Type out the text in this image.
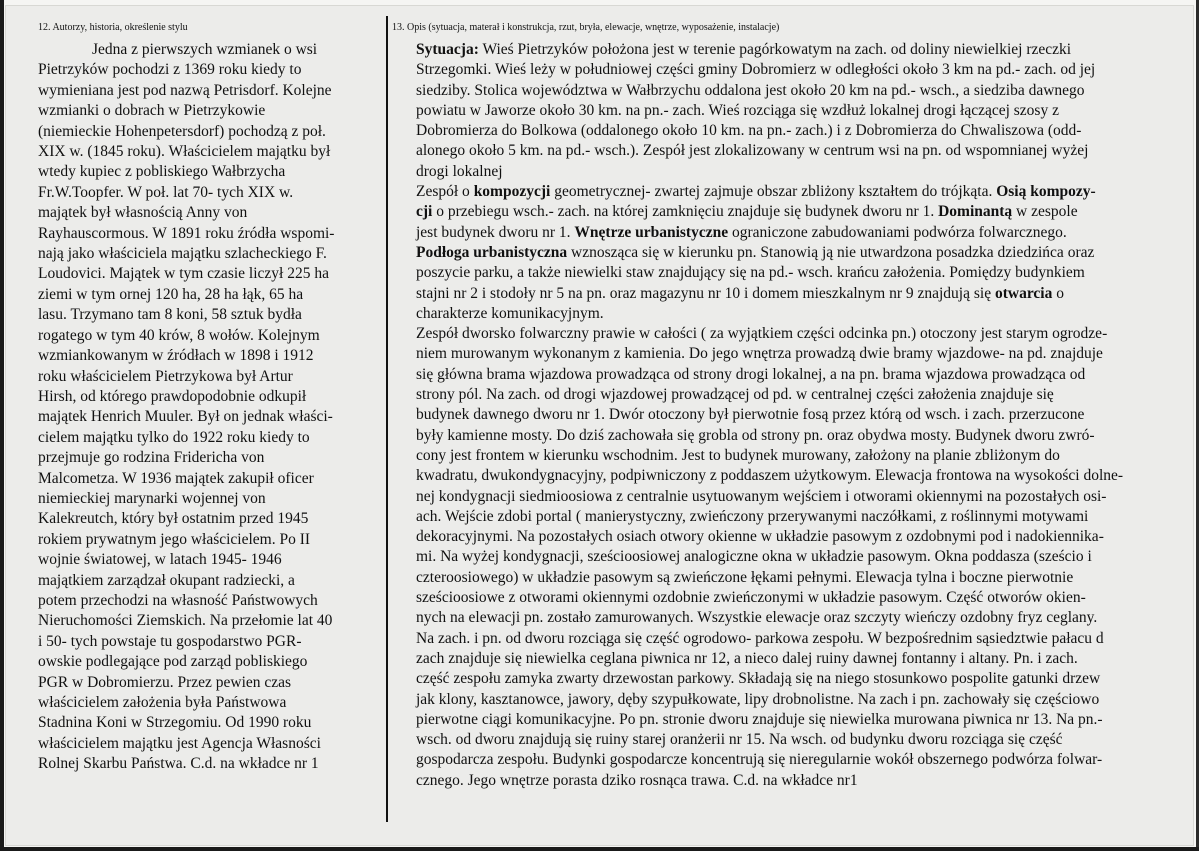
12. Autorzy, historia, określenie stylu

Jedna z pierwszych wzmianek o wsi

Pietrzyków pochodzi z 1369 roku kiedy to

wymieniana jest pod nazwą Petrisdorf. Kolejne

wzmianki o dobrach w Pietrzykowie

(niemieckie Hohenpetersdorf) pochodzą z poł.

XIX w. (1845 roku). Właścicielem majątku był

wtedy kupiec z pobliskiego Wałbrzycha

Fr.W.Toopfer. W poł. lat 70- tych XIX w.

majątek był własnością Anny von

Rayhauscormous. W 1891 roku źródła wspomi-

nają jako właściciela majątku szlacheckiego F.

Loudovici. Majątek w tym czasie liczył 225 ha

ziemi w tym ornej 120 ha, 28 ha łąk, 65 ha

lasu. Trzymano tam 8 koni, 58 sztuk bydła

rogatego w tym 40 krów, 8 wołów. Kolejnym

wzmiankowanym w źródłach w 1898 i 1912

roku właścicielem Pietrzykowa był Artur

Hirsh, od którego prawdopodobnie odkupił

majątek Henrich Muuler. Był on jednak właści-

cielem majątku tylko do 1922 roku kiedy to

przejmuje go rodzina Fridericha von

Malcometza. W 1936 majątek zakupił oficer

niemieckiej marynarki wojennej von

Kalekreutch, który był ostatnim przed 1945

rokiem prywatnym jego właścicielem. Po II

wojnie światowej, w latach 1945- 1946

majątkiem zarządzał okupant radziecki, a

potem przechodzi na własność Państwowych

Nieruchomości Ziemskich. Na przełomie lat 40

i 50- tych powstaje tu gospodarstwo PGR-

owskie podlegające pod zarząd pobliskiego

PGR w Dobromierzu. Przez pewien czas

właścicielem założenia była Państwowa

Stadnina Koni w Strzegomiu. Od 1990 roku

właścicielem majątku jest Agencja Własności

Rolnej Skarbu Państwa. C.d. na wkładce nr 1

13. Opis (sytuacja, materał i konstrukcja, rzut, bryła, elewacje, wnętrze, wyposażenie, instalacje)

Sytuacja: Wieś Pietrzyków położona jest w terenie pagórkowatym na zach. od doliny niewielkiej rzeczki

Strzegomki. Wieś leży w południowej części gminy Dobromierz w odległości około 3 km na pd.- zach. od jej

siedziby. Stolica województwa w Wałbrzychu oddalona jest około 20 km na pd.- wsch., a siedziba dawnego

powiatu w Jaworze około 30 km. na pn.- zach. Wieś rozciąga się wzdłuż lokalnej drogi łączącej szosy z

Dobromierza do Bolkowa (oddalonego około 10 km. na pn.- zach.) i z Dobromierza do Chwaliszowa (odd-

alonego około 5 km. na pd.- wsch.). Zespół jest zlokalizowany w centrum wsi na pn. od wspomnianej wyżej

drogi lokalnej

Zespół o kompozycji geometrycznej- zwartej zajmuje obszar zbliżony kształtem do trójkąta. Osią kompozy-

cji o przebiegu wsch.- zach. na której zamknięciu znajduje się budynek dworu nr 1. Dominantą w zespole

jest budynek dworu nr 1. Wnętrze urbanistyczne ograniczone zabudowaniami podwórza folwarcznego.

Podłoga urbanistyczna wznosząca się w kierunku pn. Stanowią ją nie utwardzona posadzka dziedzińca oraz

poszycie parku, a także niewielki staw znajdujący się na pd.- wsch. krańcu założenia. Pomiędzy budynkiem

stajni nr 2 i stodoły nr 5 na pn. oraz magazynu nr 10 i domem mieszkalnym nr 9 znajdują się otwarcia o

charakterze komunikacyjnym.

Zespół dworsko folwarczny prawie w całości ( za wyjątkiem części odcinka pn.) otoczony jest starym ogrodze-

niem murowanym wykonanym z kamienia. Do jego wnętrza prowadzą dwie bramy wjazdowe- na pd. znajduje

się główna brama wjazdowa prowadząca od strony drogi lokalnej, a na pn. brama wjazdowa prowadząca od

strony pól. Na zach. od drogi wjazdowej prowadzącej od pd. w centralnej części założenia znajduje się

budynek dawnego dworu nr 1. Dwór otoczony był pierwotnie fosą przez którą od wsch. i zach. przerzucone

były kamienne mosty. Do dziś zachowała się grobla od strony pn. oraz obydwa mosty. Budynek dworu zwró-

cony jest frontem w kierunku wschodnim. Jest to budynek murowany, założony na planie zbliżonym do

kwadratu, dwukondygnacyjny, podpiwniczony z poddaszem użytkowym. Elewacja frontowa na wysokości dolne-

nej kondygnacji siedmioosiowa z centralnie usytuowanym wejściem i otworami okiennymi na pozostałych osi-

ach. Wejście zdobi portal ( manierystyczny, zwieńczony przerywanymi naczółkami, z roślinnymi motywami

dekoracyjnymi. Na pozostałych osiach otwory okienne w układzie pasowym z ozdobnymi pod i nadokiennika-

mi. Na wyżej kondygnacji, sześcioosiowej analogiczne okna w układzie pasowym. Okna poddasza (sześcio i

czteroosiowego) w układzie pasowym są zwieńczone łękami pełnymi. Elewacja tylna i boczne pierwotnie

sześcioosiowe z otworami okiennymi ozdobnie zwieńczonymi w układzie pasowym. Część otworów okien-

nych na elewacji pn. zostało zamurowanych. Wszystkie elewacje oraz szczyty wieńczy ozdobny fryz ceglany.

Na zach. i pn. od dworu rozciąga się część ogrodowo- parkowa zespołu. W bezpośrednim sąsiedztwie pałacu d

zach znajduje się niewielka ceglana piwnica nr 12, a nieco dalej ruiny dawnej fontanny i altany. Pn. i zach.

część zespołu zamyka zwarty drzewostan parkowy. Składają się na niego stosunkowo pospolite gatunki drzew

jak klony, kasztanowce, jawory, dęby szypułkowate, lipy drobnolistne. Na zach i pn. zachowały się częściowo

pierwotne ciągi komunikacyjne. Po pn. stronie dworu znajduje się niewielka murowana piwnica nr 13. Na pn.-

wsch. od dworu znajdują się ruiny starej oranżerii nr 15. Na wsch. od budynku dworu rozciąga się część

gospodarcza zespołu. Budynki gospodarcze koncentrują się nieregularnie wokół obszernego podwórza folwar-

cznego. Jego wnętrze porasta dziko rosnąca trawa. C.d. na wkładce nr1
